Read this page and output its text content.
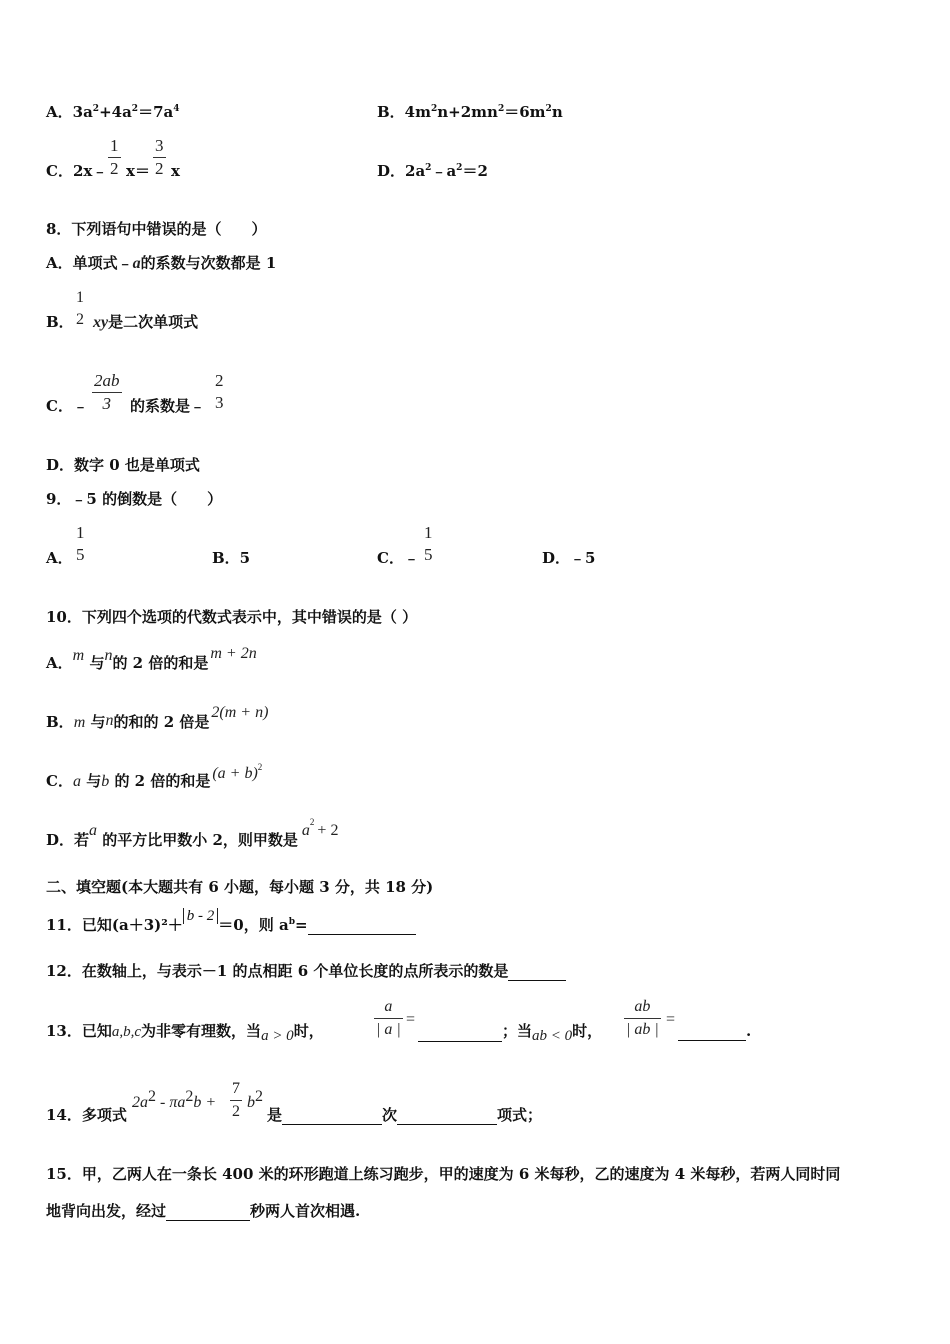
A．$3a^2+4a^2=7a^4$	B．$4m^2n+2mn^2=6m^2n$
C．2x﹣ $\frac{1}{2} x= \frac{3}{2}$ x	D．$2a^2﹣a^2=2$
8．下列语句中错误的是（　　）
A．单项式﹣a的系数与次数都是 1
B．
1
2 xy是二次单项式
C．﹣ $\frac{2ab}{3}$ 的系数是﹣
2
3
D．数字 0 也是单项式
9．﹣5 的倒数是（　　）
A．
1
5	B．5	C．﹣
1
5	D．﹣5
10．下列四个选项的代数式表示中，其中错误的是（ ）
A．m 与n的 2 倍的和是m + 2n
B．m 与n的和的 2 倍是2(m + n)
C．a 与b 的 2 倍的和是 $(a + b)^2$
D．若a 的平方比甲数小 2，则甲数是$a^2 + 2$
二、填空题(本大题共有 6 小题，每小题 3 分，共 18 分)
11．已知(a＋3)²＋ b - 2 ＝0，则 $a^b=$
12．在数轴上，与表示－1 的点相距 6 个单位长度的点所表示的数是
13．已知a,b,c为非零有理数，当a > 0时，	$\frac{a}{| a |}$ =
；当ab < 0时， $\frac{ab}{| ab |}$ =
.
14．多项式
$2a^2 - \pi a^2b + \frac{7}{2} b^2$
是	次	项式；
15．甲，乙两人在一条长 400 米的环形跑道上练习跑步，甲的速度为 6 米每秒，乙的速度为 4 米每秒，若两人同时同
地背向出发，经过	秒两人首次相遇.
